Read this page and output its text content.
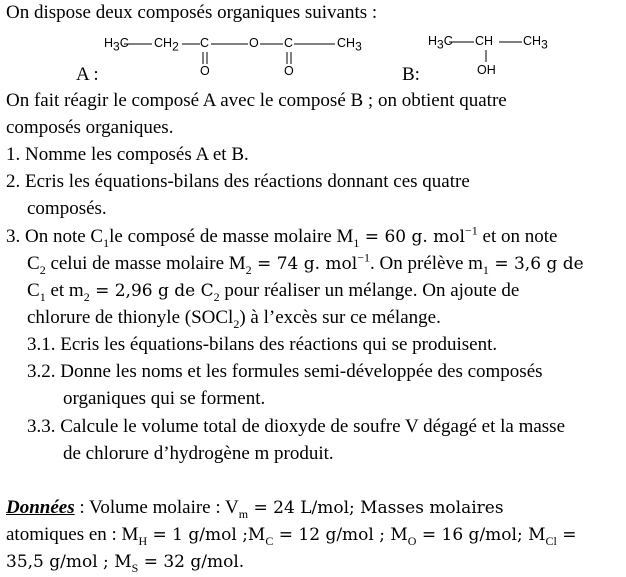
On dispose deux composés organiques suivants :
$H_3C$ $CH_2$ C	O C	$CH_3$
O	O
A :
$H_3C$ CH $CH_3$
OH
B:
On fait réagir le composé A avec le composé B ; on obtient quatre
composés organiques.
1. Nomme les composés A et B.
2. Ecris les équations-bilans des réactions donnant ces quatre
composés.
3. On note $C_1le$ composé de masse molaire $M_1 = 60$ g. mol$^{-1}$ et on note
$C_2$ celui de masse molaire $M_2 = 74$ g. mol$^{-1}$. On prélève $m_1 = 3,6$ g de
$C_1$ et $m_2 = 2,96$ g de $C_2$ pour réaliser un mélange. On ajoute de
chlorure de thionyle (SOCl$_2$) à l’excès sur ce mélange.
3.1. Ecris les équations-bilans des réactions qui se produisent.
3.2. Donne les noms et les formules semi-développée des composés
organiques qui se forment.
3.3. Calcule le volume total de dioxyde de soufre V dégagé et la masse
de chlorure d’hydrogène m produit.
Données : Volume molaire : $V_m = 24$ L/mol; Masses molaires
atomiques en : $M_H = 1$ g/mol $;M_C = 12$ g/mol ; $M_O = 16$ g/mol; $M_{Cl}$ =
35,5 g/mol ; $M_S = 32$ g/mol.
